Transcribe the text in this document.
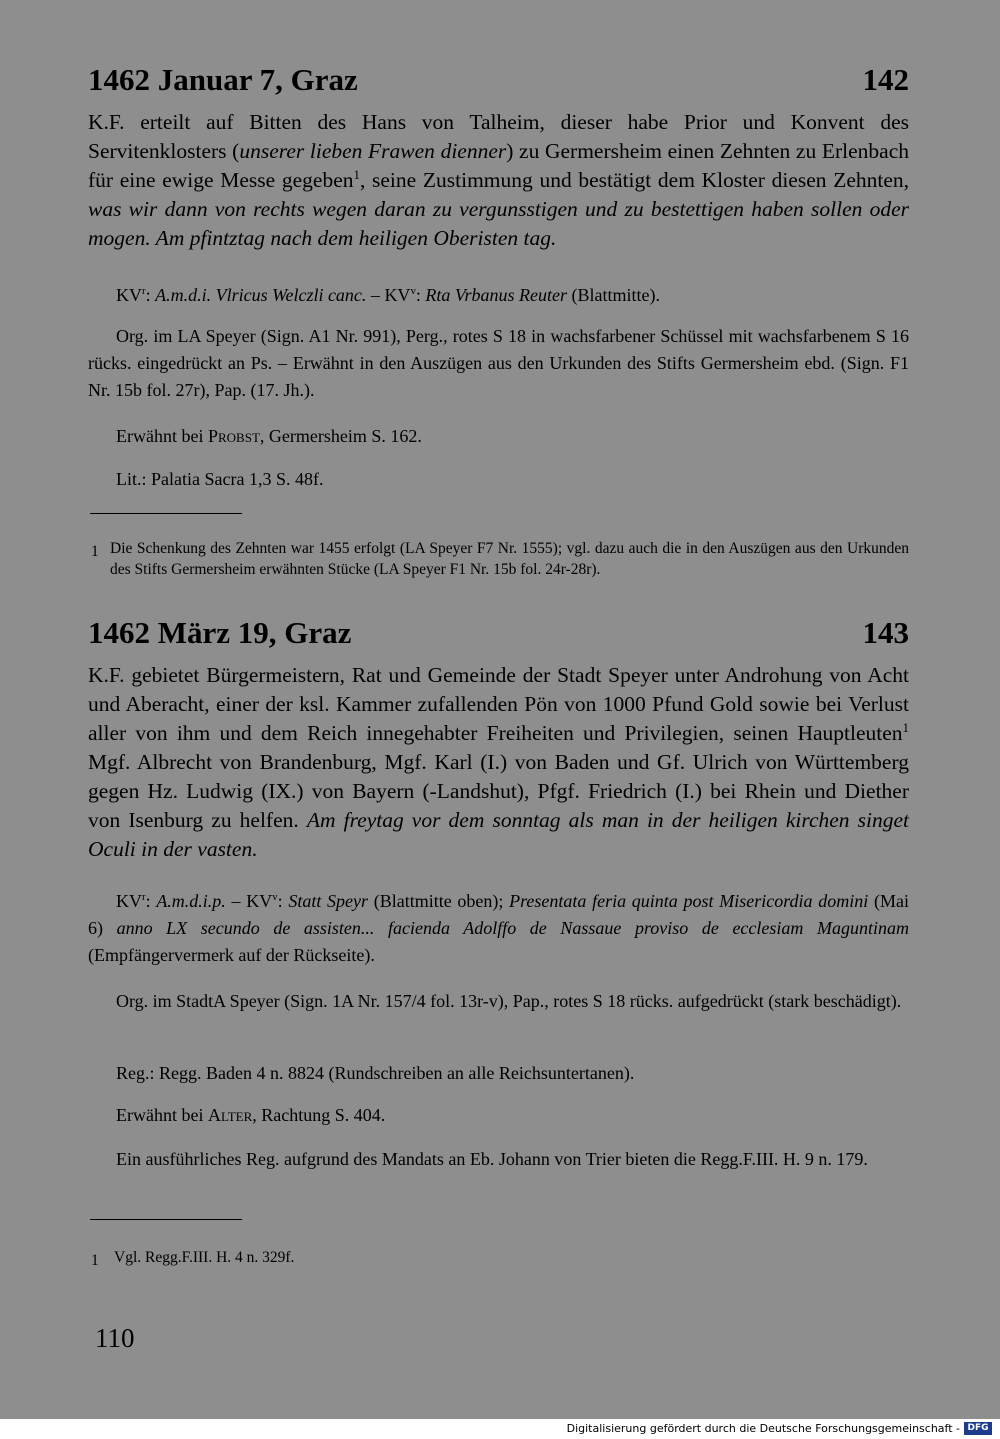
1462 Januar 7, Graz	142
K.F. erteilt auf Bitten des Hans von Talheim, dieser habe Prior und Konvent des Servitenklosters (unserer lieben Frawen dienner) zu Germersheim einen Zehnten zu Erlenbach für eine ewige Messe gegeben$^1$, seine Zustimmung und bestätigt dem Kloster diesen Zehnten, was wir dann von rechts wegen daran zu vergunsstigen und zu bestettigen haben sollen oder mogen. Am pfintztag nach dem heiligen Oberisten tag.
$KV^r$: A.m.d.i. Vlricus Welczli canc. – $KV^v$: Rta Vrbanus Reuter (Blattmitte).
Org. im LA Speyer (Sign. A1 Nr. 991), Perg., rotes S 18 in wachsfarbener Schüssel mit wachsfarbenem S 16 rücks. eingedrückt an Ps. – Erwähnt in den Auszügen aus den Urkunden des Stifts Germersheim ebd. (Sign. F1 Nr. 15b fol. 27r), Pap. (17. Jh.).
Erwähnt bei Probst, Germersheim S. 162.
Lit.: Palatia Sacra 1,3 S. 48f.
1 Die Schenkung des Zehnten war 1455 erfolgt (LA Speyer F7 Nr. 1555); vgl. dazu auch die in den Auszügen aus den Urkunden des Stifts Germersheim erwähnten Stücke (LA Speyer F1 Nr. 15b fol. 24r-28r).
1462 März 19, Graz	143
K.F. gebietet Bürgermeistern, Rat und Gemeinde der Stadt Speyer unter Androhung von Acht und Aberacht, einer der ksl. Kammer zufallenden Pön von 1000 Pfund Gold sowie bei Verlust aller von ihm und dem Reich innegehabter Freiheiten und Privilegien, seinen Hauptleuten$^1$ Mgf. Albrecht von Brandenburg, Mgf. Karl (I.) von Baden und Gf. Ulrich von Württemberg gegen Hz. Ludwig (IX.) von Bayern (-Landshut), Pfgf. Friedrich (I.) bei Rhein und Diether von Isenburg zu helfen. Am freytag vor dem sonntag als man in der heiligen kirchen singet Oculi in der vasten.
$KV^r$: A.m.d.i.p. – $KV^v$: Statt Speyr (Blattmitte oben); Presentata feria quinta post Misericordia domini (Mai 6) anno LX secundo de assisten... facienda Adolffo de Nassaue proviso de ecclesiam Maguntinam (Empfängervermerk auf der Rückseite).
Org. im StadtA Speyer (Sign. 1A Nr. 157/4 fol. 13r-v), Pap., rotes S 18 rücks. aufgedrückt (stark beschädigt).
Reg.: Regg. Baden 4 n. 8824 (Rundschreiben an alle Reichsuntertanen).
Erwähnt bei Alter, Rachtung S. 404.
Ein ausführliches Reg. aufgrund des Mandats an Eb. Johann von Trier bieten die Regg.F.III. H. 9 n. 179.
1 Vgl. Regg.F.III. H. 4 n. 329f.
110
Digitalisierung gefördert durch die Deutsche Forschungsgemeinschaft - DFG
